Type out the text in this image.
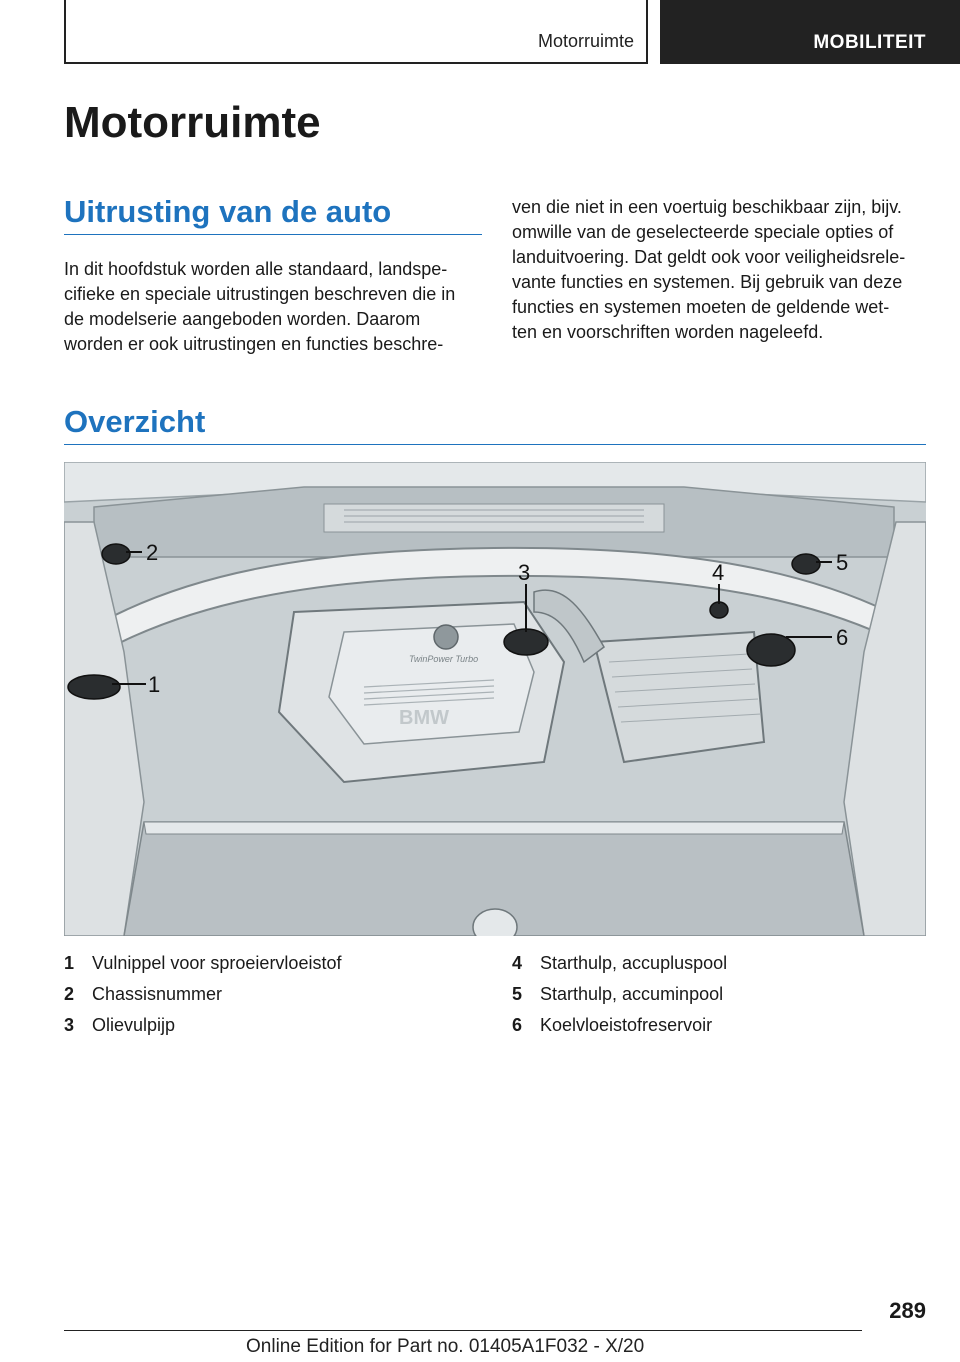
Motorruimte	MOBILITEIT
Motorruimte
Uitrusting van de auto
In dit hoofdstuk worden alle standaard, landspe-
cifieke en speciale uitrustingen beschreven die in
de modelserie aangeboden worden. Daarom
worden er ook uitrustingen en functies beschre-
ven die niet in een voertuig beschikbaar zijn, bijv.
omwille van de geselecteerde speciale opties of
landuitvoering. Dat geldt ook voor veiligheidsrele-
vante functies en systemen. Bij gebruik van deze
functies en systemen moeten de geldende wet-
ten en voorschriften worden nageleefd.
Overzicht
TwinPower Turbo
BMW
1
2
3	4	5
6
1 Vulnippel voor sproeiervloeistof
2 Chassisnummer
3 Olievulpijp
4 Starthulp, accupluspool
5 Starthulp, accuminpool
6 Koelvloeistofreservoir
289
Online Edition for Part no. 01405A1F032 - X/20
